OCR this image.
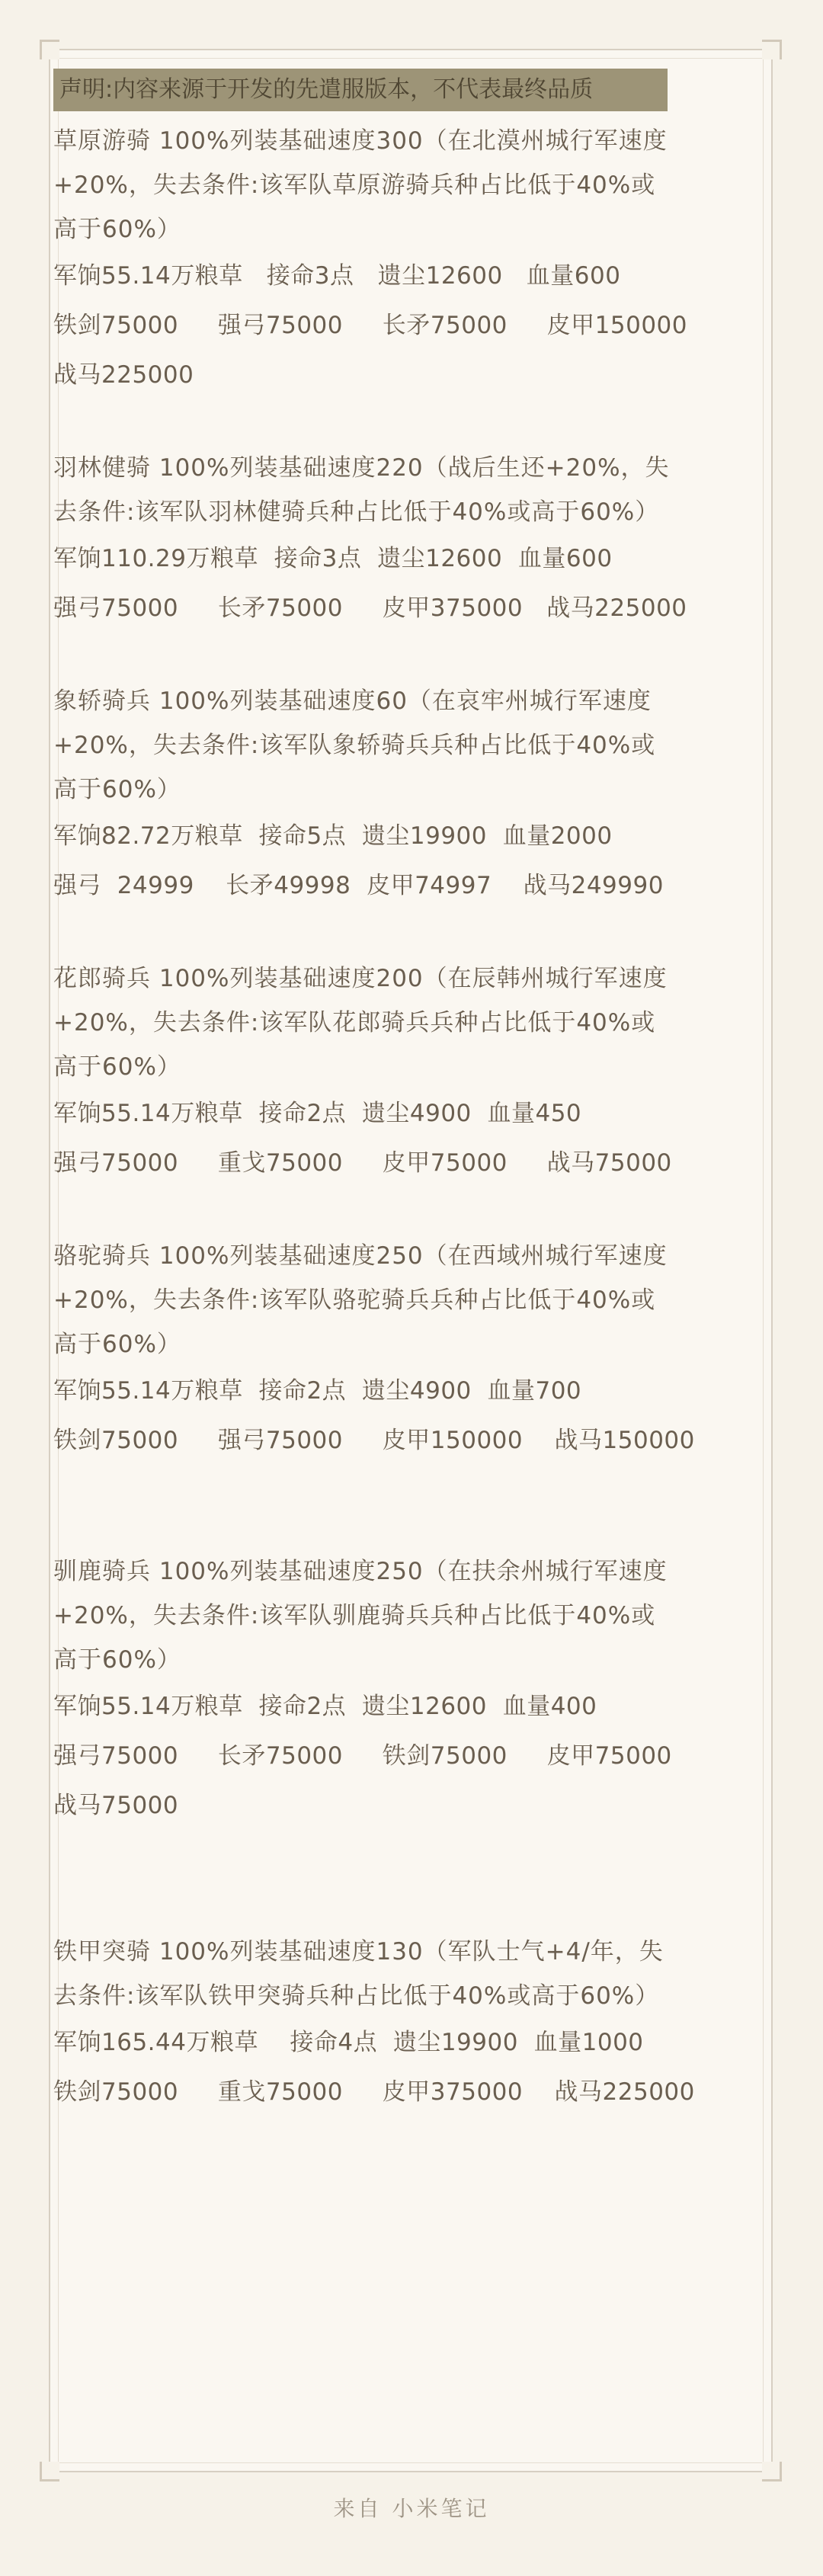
声明:内容来源于开发的先遣服版本，不代表最终品质
草原游骑 100%列装基础速度300（在北漠州城行军速度+20%，失去条件:该军队草原游骑兵种占比低于40%或高于60%）
军饷55.14万粮草   接命3点   遗尘12600   血量600
铁剑75000     强弓75000     长矛75000     皮甲150000
战马225000
羽林健骑 100%列装基础速度220（战后生还+20%，失去条件:该军队羽林健骑兵种占比低于40%或高于60%）
军饷110.29万粮草  接命3点  遗尘12600  血量600
强弓75000     长矛75000     皮甲375000   战马225000
象轿骑兵 100%列装基础速度60（在哀牢州城行军速度+20%，失去条件:该军队象轿骑兵兵种占比低于40%或高于60%）
军饷82.72万粮草  接命5点  遗尘19900  血量2000
强弓  24999    长矛49998  皮甲74997    战马249990
花郎骑兵 100%列装基础速度200（在辰韩州城行军速度+20%，失去条件:该军队花郎骑兵兵种占比低于40%或高于60%）
军饷55.14万粮草  接命2点  遗尘4900  血量450
强弓75000     重戈75000     皮甲75000     战马75000
骆驼骑兵 100%列装基础速度250（在西域州城行军速度+20%，失去条件:该军队骆驼骑兵兵种占比低于40%或高于60%）
军饷55.14万粮草  接命2点  遗尘4900  血量700
铁剑75000     强弓75000     皮甲150000    战马150000
驯鹿骑兵 100%列装基础速度250（在扶余州城行军速度+20%，失去条件:该军队驯鹿骑兵兵种占比低于40%或高于60%）
军饷55.14万粮草  接命2点  遗尘12600  血量400
强弓75000     长矛75000     铁剑75000     皮甲75000
战马75000
铁甲突骑 100%列装基础速度130（军队士气+4/年，失去条件:该军队铁甲突骑兵种占比低于40%或高于60%）
军饷165.44万粮草    接命4点  遗尘19900  血量1000
铁剑75000     重戈75000     皮甲375000    战马225000
来自 小米笔记
